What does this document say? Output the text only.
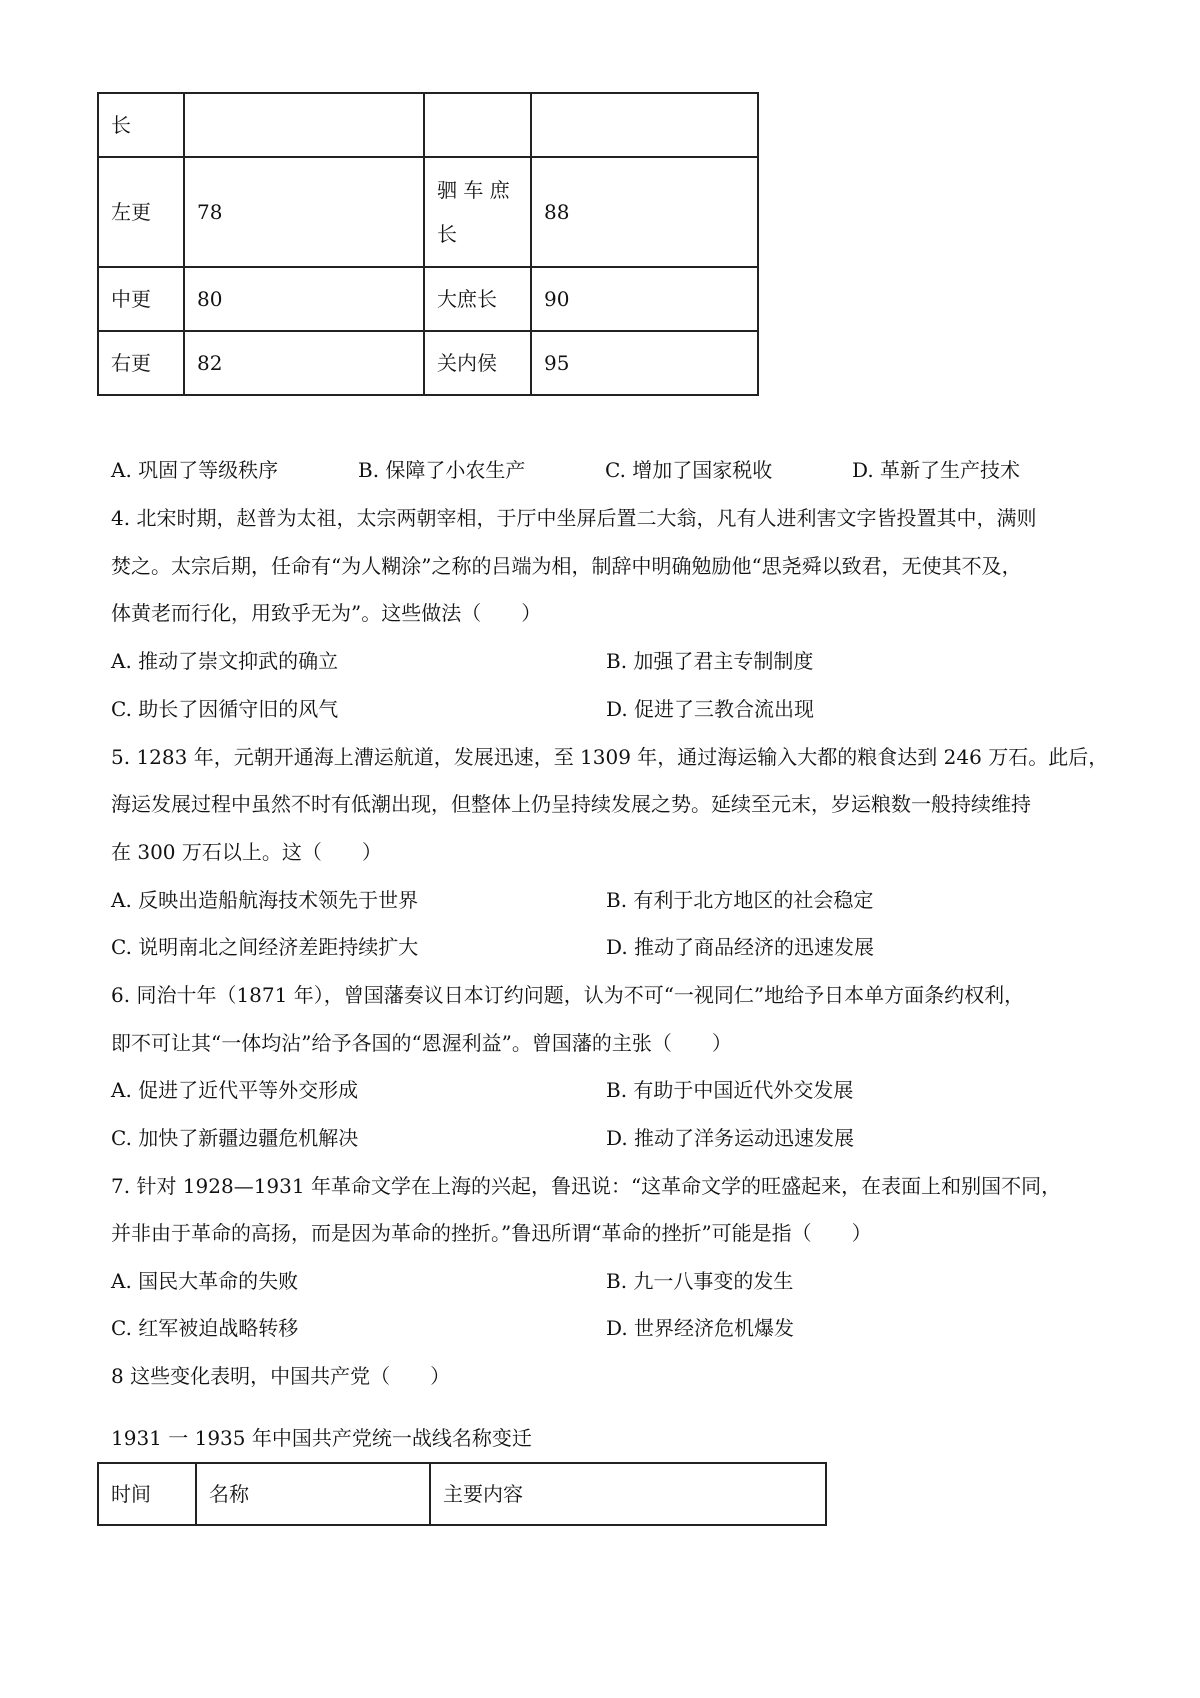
长			
左更	78	驷 车 庶 长	88
中更	80	大庶长	90
右更	82	关内侯	95
A. 巩固了等级秩序	B. 保障了小农生产	C. 增加了国家税收	D. 革新了生产技术
4. 北宋时期，赵普为太祖，太宗两朝宰相，于厅中坐屏后置二大翁，凡有人进利害文字皆投置其中，满则
焚之。太宗后期，任命有“为人糊涂”之称的吕端为相，制辞中明确勉励他“思尧舜以致君，无使其不及，
体黄老而行化，用致乎无为”。这些做法（　　）
A. 推动了崇文抑武的确立	B. 加强了君主专制制度
C. 助长了因循守旧的风气	D. 促进了三教合流出现
5. 1283 年，元朝开通海上漕运航道，发展迅速，至 1309 年，通过海运输入大都的粮食达到 246 万石。此后，
海运发展过程中虽然不时有低潮出现，但整体上仍呈持续发展之势。延续至元末，岁运粮数一般持续维持
在 300 万石以上。这（　　）
A. 反映出造船航海技术领先于世界	B. 有利于北方地区的社会稳定
C. 说明南北之间经济差距持续扩大	D. 推动了商品经济的迅速发展
6. 同治十年（1871 年），曾国藩奏议日本订约问题，认为不可“一视同仁”地给予日本单方面条约权利，
即不可让其“一体均沾”给予各国的“恩渥利益”。曾国藩的主张（　　）
A. 促进了近代平等外交形成	B. 有助于中国近代外交发展
C. 加快了新疆边疆危机解决	D. 推动了洋务运动迅速发展
7. 针对 1928—1931 年革命文学在上海的兴起，鲁迅说：“这革命文学的旺盛起来，在表面上和别国不同，
并非由于革命的高扬，而是因为革命的挫折。”鲁迅所谓“革命的挫折”可能是指（　　）
A. 国民大革命的失败	B. 九一八事变的发生
C. 红军被迫战略转移	D. 世界经济危机爆发
8 这些变化表明，中国共产党（　　）
1931 一 1935 年中国共产党统一战线名称变迁
时间	名称	主要内容
